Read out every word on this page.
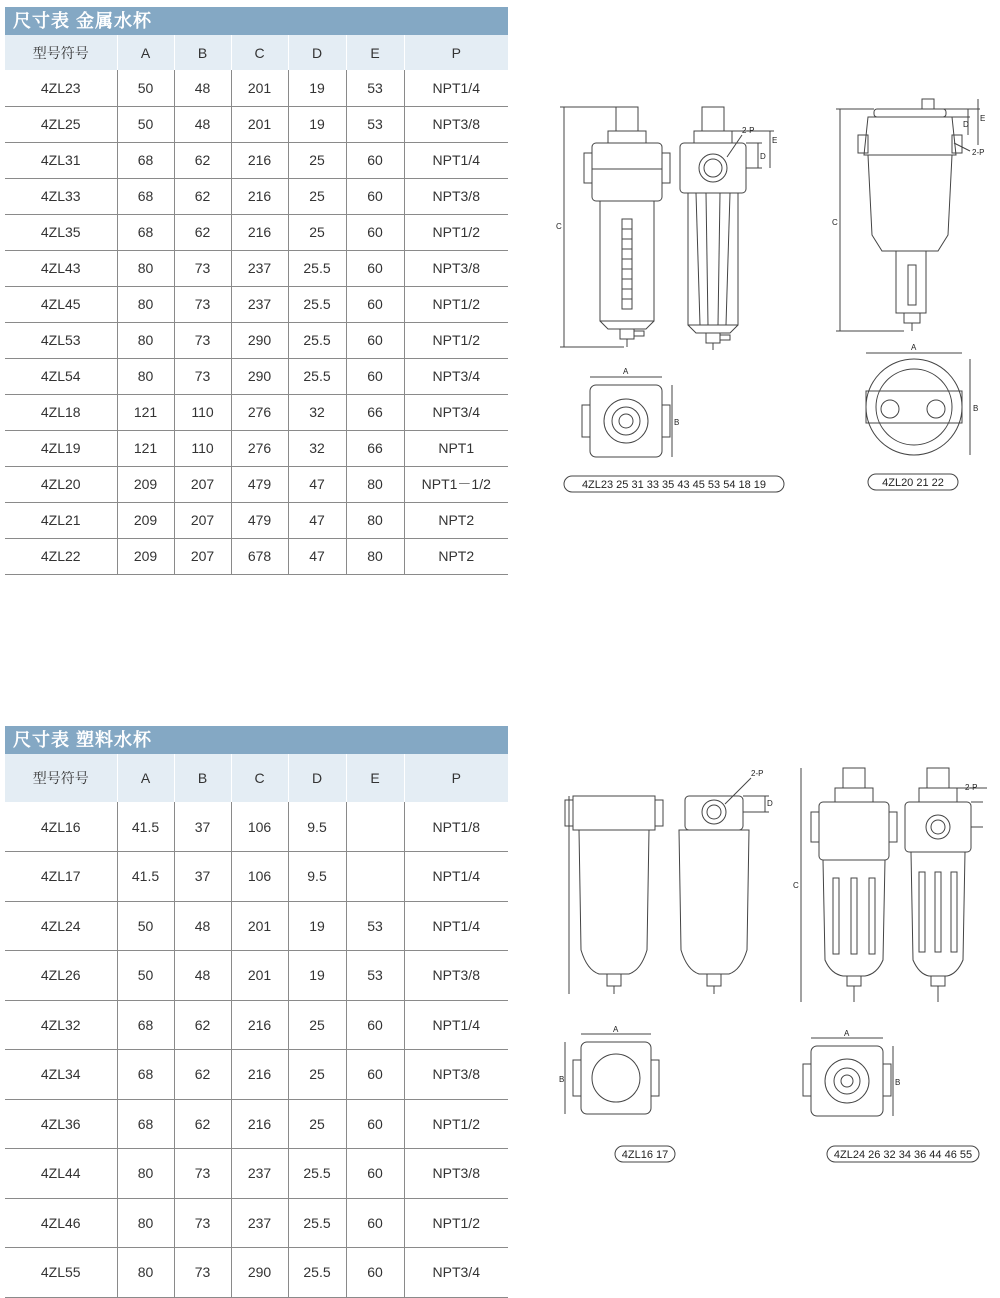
尺寸表 金属水杯
型号符号	A	B	C	D	E	P
4ZL23	50	48	201	19	53	NPT1/4
4ZL25	50	48	201	19	53	NPT3/8
4ZL31	68	62	216	25	60	NPT1/4
4ZL33	68	62	216	25	60	NPT3/8
4ZL35	68	62	216	25	60	NPT1/2
4ZL43	80	73	237	25.5	60	NPT3/8
4ZL45	80	73	237	25.5	60	NPT1/2
4ZL53	80	73	290	25.5	60	NPT1/2
4ZL54	80	73	290	25.5	60	NPT3/4
4ZL18	121	110	276	32	66	NPT3/4
4ZL19	121	110	276	32	66	NPT1
4ZL20	209	207	479	47	80	NPT1－1/2
4ZL21	209	207	479	47	80	NPT2
4ZL22	209	207	678	47	80	NPT2
尺寸表 塑料水杯
型号符号	A	B	C	D	E	P
4ZL16	41.5	37	106	9.5		NPT1/8
4ZL17	41.5	37	106	9.5		NPT1/4
4ZL24	50	48	201	19	53	NPT1/4
4ZL26	50	48	201	19	53	NPT3/8
4ZL32	68	62	216	25	60	NPT1/4
4ZL34	68	62	216	25	60	NPT3/8
4ZL36	68	62	216	25	60	NPT1/2
4ZL44	80	73	237	25.5	60	NPT3/8
4ZL46	80	73	237	25.5	60	NPT1/2
4ZL55	80	73	290	25.5	60	NPT3/4
C
2-P
D
E
C
D
E
2-P
A
B
A
B
4ZL23 25 31 33 35 43 45 53 54 18 19	4ZL20 21 22
2-P
D
C
2-P
A
B
A
B
4ZL16 17	4ZL24 26 32 34 36 44 46 55
